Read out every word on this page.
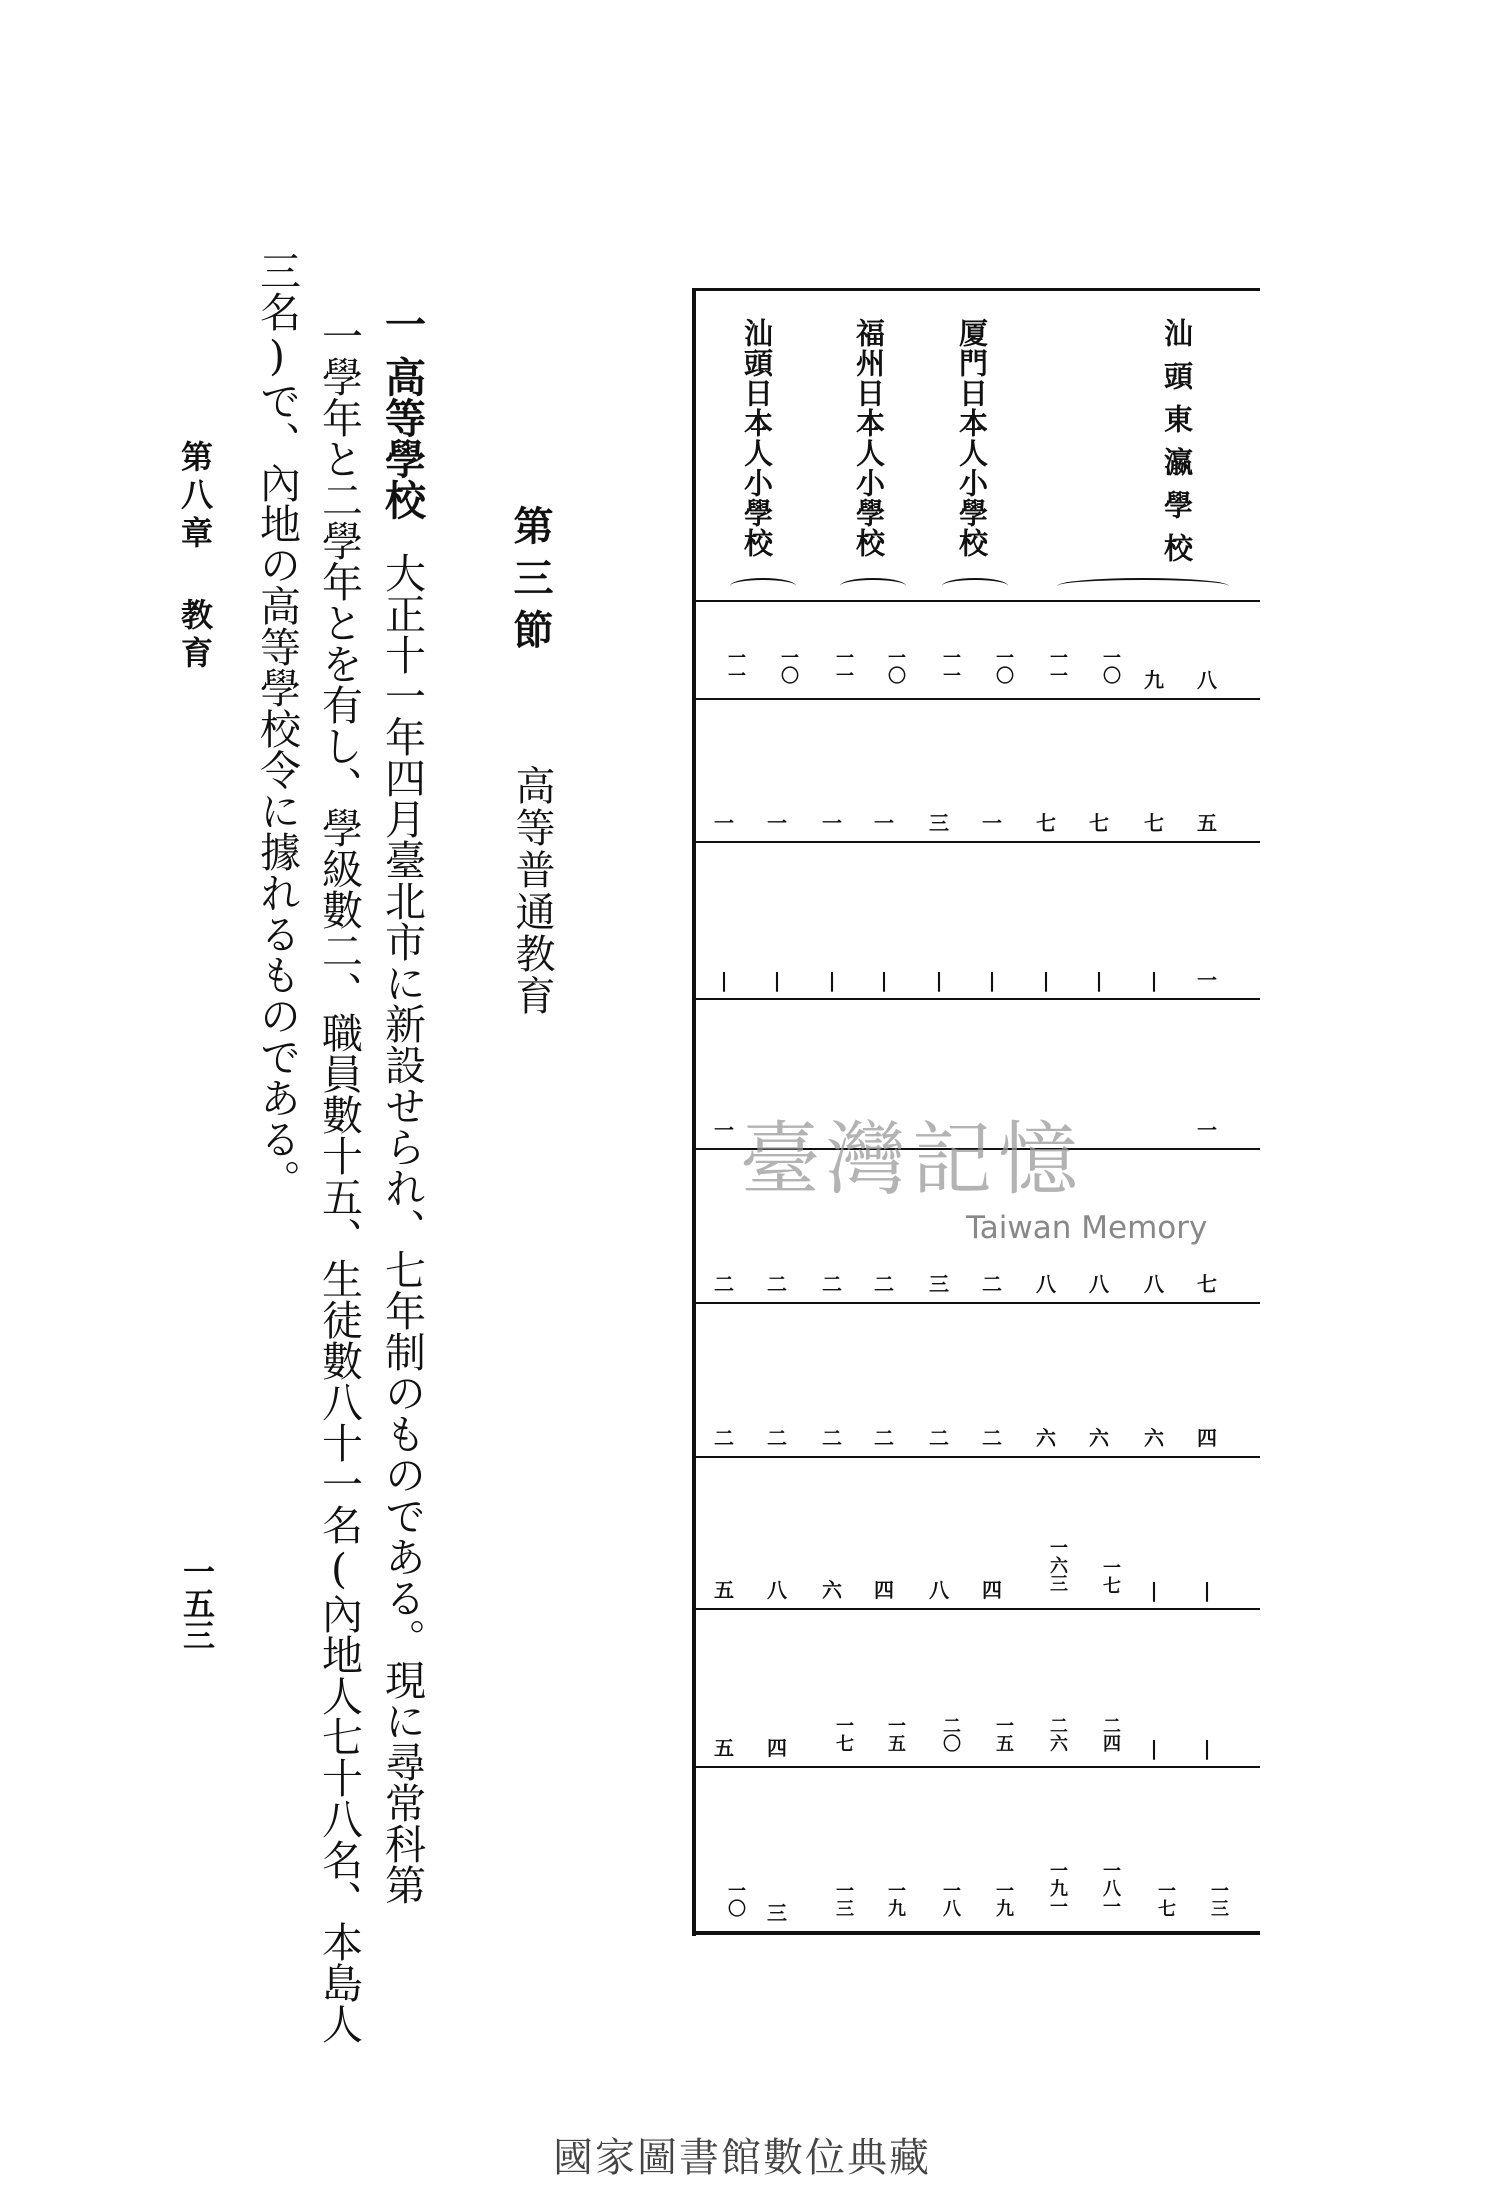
汕頭東瀛學校
厦門日本人小學校
福州日本人小學校
汕頭日本人小學校
八
九
一〇
一一
一〇
一一
一〇
一一
一〇
一一
五
七
七
七
一
三
一
一
一
一
一
|
|
|
|
|
|
|
|
|
一
一
七
八
八
八
二
三
二
二
二
二
四
六
六
六
二
二
二
二
二
二
|
|
一七
一六三
四
八
四
六
八
五
|
|
二四
二六
一五
二〇
一五
一七
四
五
一三
一七
一八一
一九一
一九
一八
一九
一三
三
一〇
第三節
高等普通教育
一高等學校大正十一年四月臺北市に新設せられ、七年制のものである。現に尋常科第
一學年と二學年とを有し、學級數二、職員數十五、生徒數八十一名(內地人七十八名、本島人
三名)で、內地の高等學校令に據れるものである。
第八章 教育
一五三
臺灣記憶
Taiwan Memory
國家圖書館數位典藏
